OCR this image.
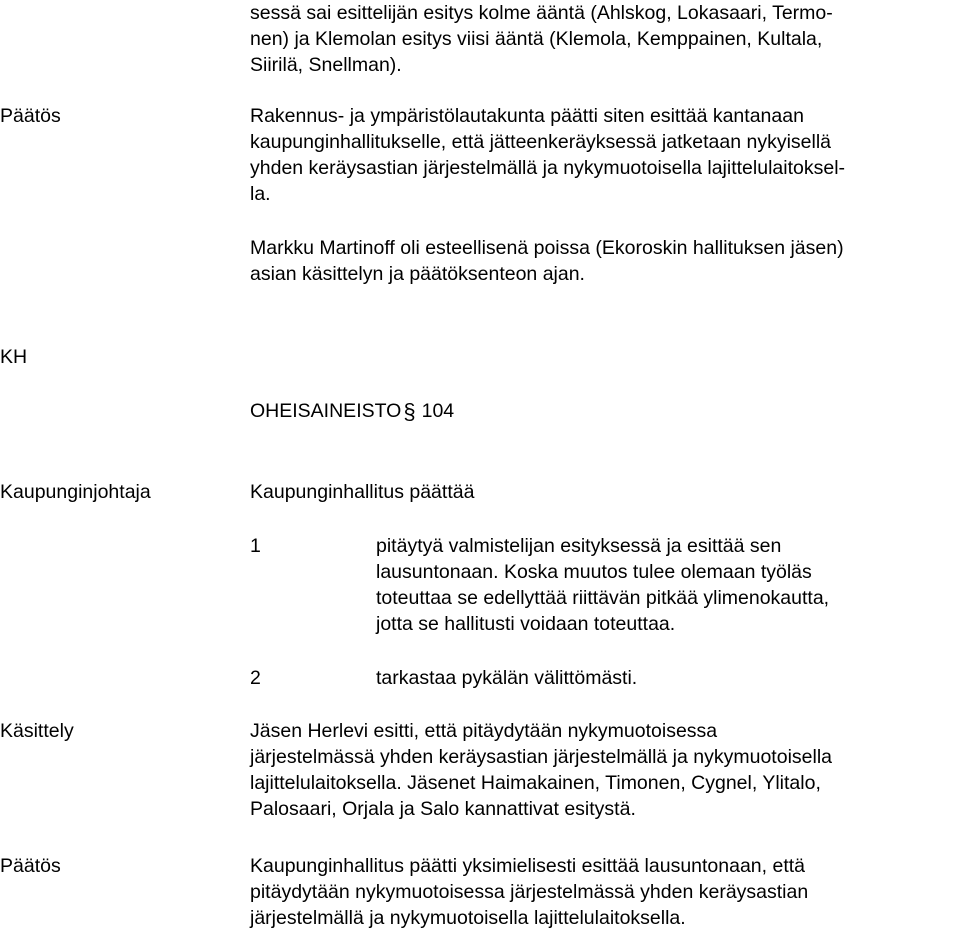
sessä sai esittelijän esitys kolme ääntä (Ahlskog, Lokasaari, Termo-
nen) ja Klemolan esitys viisi ääntä (Klemola, Kemppainen, Kultala,
Siirilä, Snellman).
Päätös	Rakennus- ja ympäristölautakunta päätti siten esittää kantanaan
kaupunginhallitukselle, että jätteenkeräyksessä jatketaan nykyisellä
yhden keräysastian järjestelmällä ja nykymuotoisella lajittelulaitoksel-
la.
Markku Martinoff oli esteellisenä poissa (Ekoroskin hallituksen jäsen)
asian käsittelyn ja päätöksenteon ajan.
KH
OHEISAINEISTO§ 104
Kaupunginjohtaja	Kaupunginhallitus päättää
1	pitäytyä valmistelijan esityksessä ja esittää sen
lausuntonaan. Koska muutos tulee olemaan työläs
toteuttaa se edellyttää riittävän pitkää ylimenokautta,
jotta se hallitusti voidaan toteuttaa.
2	tarkastaa pykälän välittömästi.
Käsittely	Jäsen Herlevi esitti, että pitäydytään nykymuotoisessa
järjestelmässä yhden keräysastian järjestelmällä ja nykymuotoisella
lajittelulaitoksella. Jäsenet Haimakainen, Timonen, Cygnel, Ylitalo,
Palosaari, Orjala ja Salo kannattivat esitystä.
Päätös	Kaupunginhallitus päätti yksimielisesti esittää lausuntonaan, että
pitäydytään nykymuotoisessa järjestelmässä yhden keräysastian
järjestelmällä ja nykymuotoisella lajittelulaitoksella.
